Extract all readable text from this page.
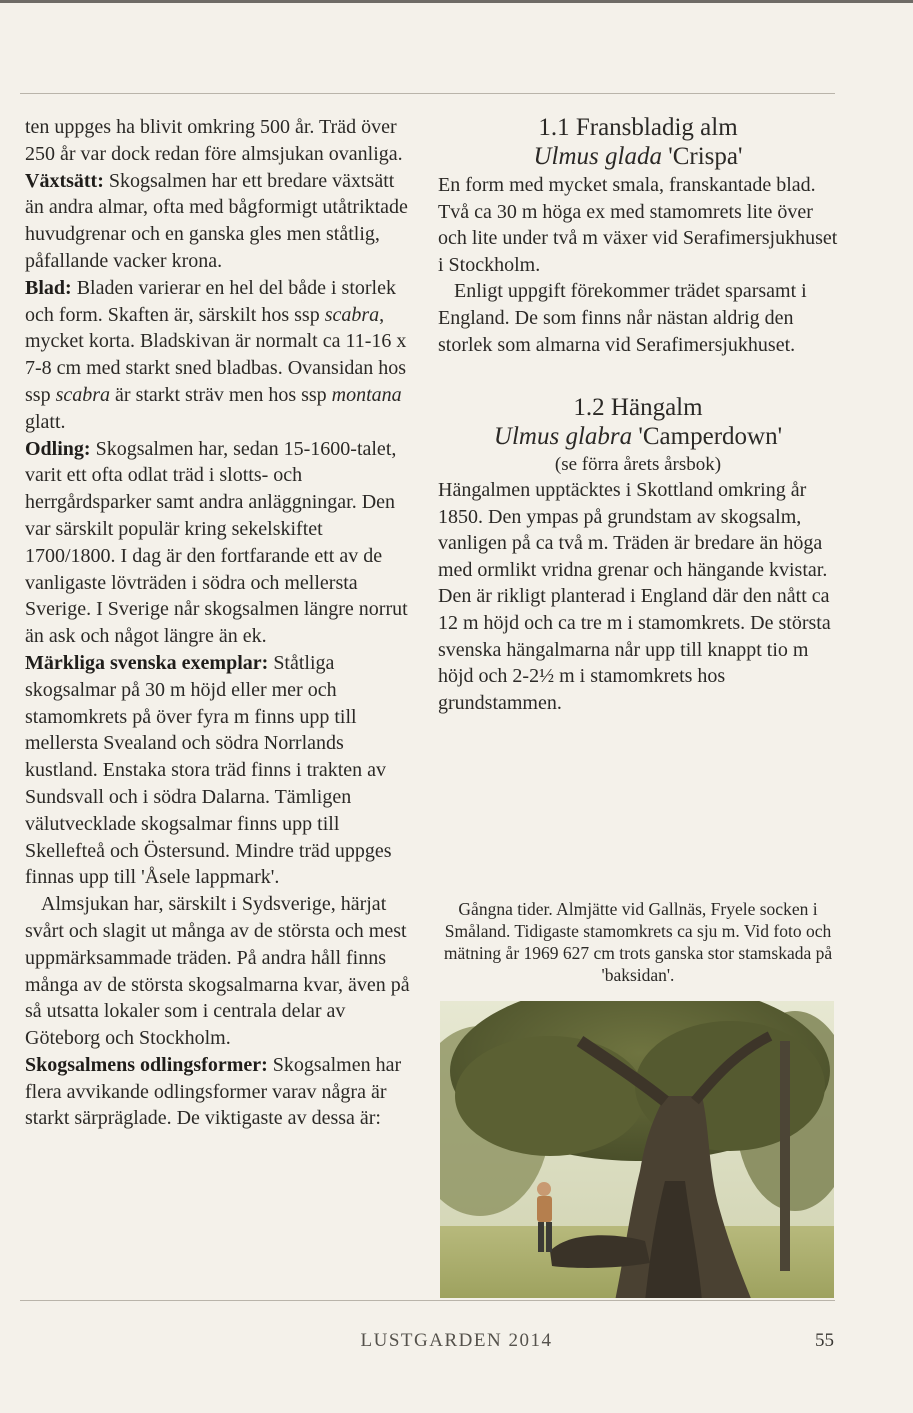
ten uppges ha blivit omkring 500 år. Träd över 250 år var dock redan före almsjukan ovanliga.

Växtsätt: Skogsalmen har ett bredare växtsätt än andra almar, ofta med bågformigt utåtriktade huvudgrenar och en ganska gles men ståtlig, påfallande vacker krona.

Blad: Bladen varierar en hel del både i storlek och form. Skaften är, särskilt hos ssp scabra, mycket korta. Bladskivan är normalt ca 11-16 x 7-8 cm med starkt sned bladbas. Ovansidan hos ssp scabra är starkt sträv men hos ssp montana glatt.

Odling: Skogsalmen har, sedan 15-1600-talet, varit ett ofta odlat träd i slotts- och herrgårdsparker samt andra anläggningar. Den var särskilt populär kring sekelskiftet 1700/1800. I dag är den fortfarande ett av de vanligaste lövträden i södra och mellersta Sverige. I Sverige når skogsalmen längre norrut än ask och något längre än ek.

Märkliga svenska exemplar: Ståtliga skogsalmar på 30 m höjd eller mer och stamomkrets på över fyra m finns upp till mellersta Svealand och södra Norrlands kustland. Enstaka stora träd finns i trakten av Sundsvall och i södra Dalarna. Tämligen välutvecklade skogsalmar finns upp till Skellefteå och Östersund. Mindre träd uppges finnas upp till 'Åsele lappmark'.

Almsjukan har, särskilt i Sydsverige, härjat svårt och slagit ut många av de största och mest uppmärksammade träden. På andra håll finns många av de största skogsalmarna kvar, även på så utsatta lokaler som i centrala delar av Göteborg och Stockholm.

Skogsalmens odlingsformer: Skogsalmen har flera avvikande odlingsformer varav några är starkt särpräglade. De viktigaste av dessa är:

1.1 Fransbladig alm

Ulmus glada 'Crispa'

En form med mycket smala, franskantade blad. Två ca 30 m höga ex med stamomrets lite över och lite under två m växer vid Serafimersjukhuset i Stockholm.

Enligt uppgift förekommer trädet sparsamt i England. De som finns når nästan aldrig den storlek som almarna vid Serafimersjukhuset.

1.2 Hängalm

Ulmus glabra 'Camperdown'

(se förra årets årsbok)

Hängalmen upptäcktes i Skottland omkring år 1850. Den ympas på grundstam av skogsalm, vanligen på ca två m. Träden är bredare än höga med ormlikt vridna grenar och hängande kvistar. Den är rikligt planterad i England där den nått ca 12 m höjd och ca tre m i stamomkrets. De största svenska hängalmarna når upp till knappt tio m höjd och 2-2½ m i stamomkrets hos grundstammen.

Gångna tider. Almjätte vid Gallnäs, Fryele socken i Småland. Tidigaste stamomkrets ca sju m. Vid foto och mätning år 1969 627 cm trots ganska stor stamskada på 'baksidan'.

LUSTGARDEN 2014	55
